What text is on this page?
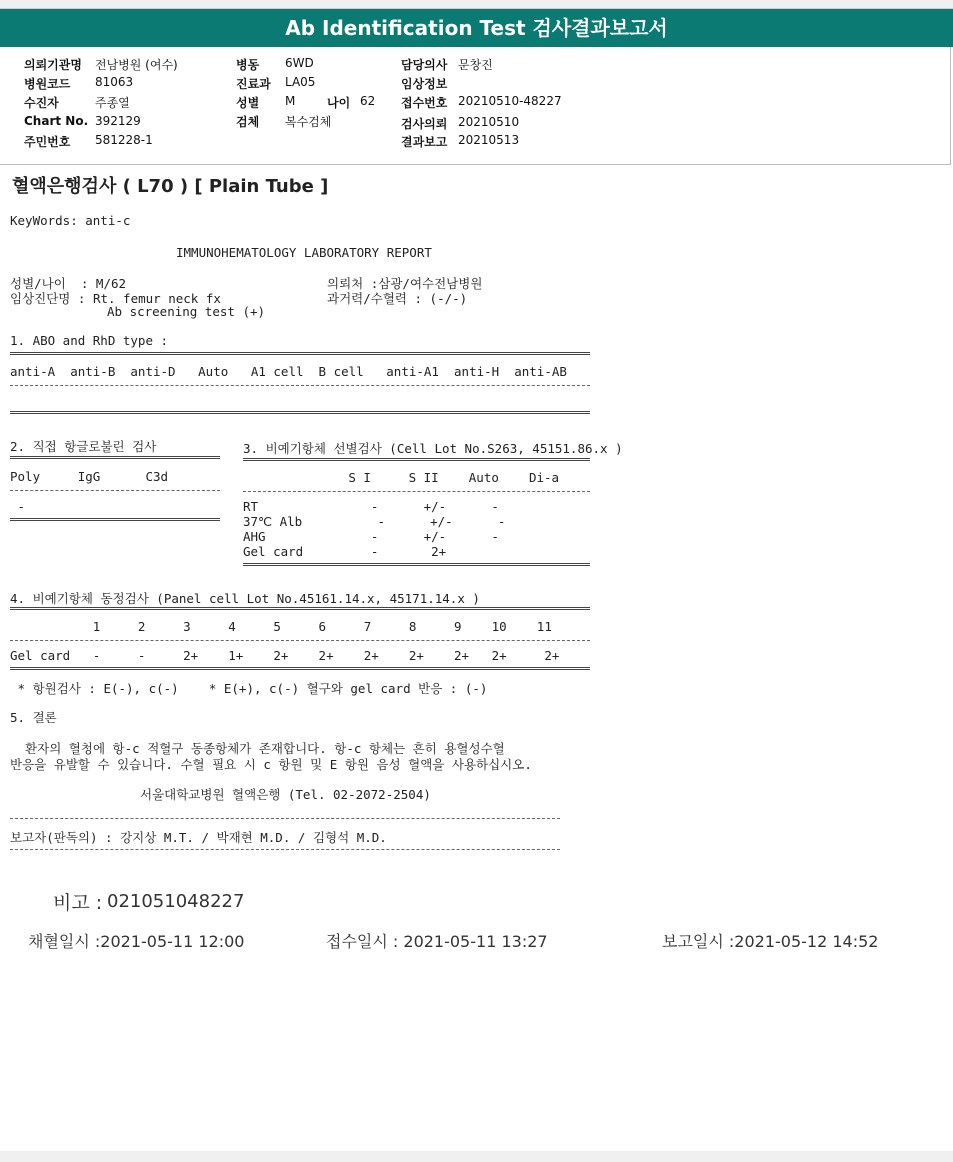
Ab Identification Test 검사결과보고서
의뢰기관명 전남병원 (여수)
병원코드 81063
수진자	주종열
Chart No. 392129
주민번호 581228-1
병동 6WD
진료과 LA05
성별 M	나이 62
검체 복수검체
담당의사 문창진
임상정보
접수번호 20210510-48227
검사의뢰 20210510
결과보고 20210513
혈액은행검사 ( L70 ) [ Plain Tube ]
KeyWords: anti-c
IMMUNOHEMATOLOGY LABORATORY REPORT
성별/나이  : M/62
임상진단명 : Rt. femur neck fx
Ab screening test (+)
의뢰처 :삼광/여수전남병원
과거력/수혈력 : (-/-)
1. ABO and RhD type :
anti-A  anti-B  anti-D   Auto   A1 cell  B cell   anti-A1  anti-H  anti-AB
2. 직접 항글로불린 검사
Poly     IgG      C3d
-
3. 비예기항체 선별검사 (Cell Lot No.S263, 45151.86.x )
S I     S II    Auto    Di-a
RT               -      +/-      -
37℃ Alb          -      +/-      -
AHG              -      +/-      -
Gel card         -       2+
4. 비예기항체 동정검사 (Panel cell Lot No.45161.14.x, 45171.14.x )
1     2     3     4     5     6     7     8     9    10    11
Gel card   -     -     2+    1+    2+    2+    2+    2+    2+   2+     2+
* 항원검사 : E(-), c(-)    * E(+), c(-) 혈구와 gel card 반응 : (-)
5. 결론
환자의 혈청에 항-c 적혈구 동종항체가 존재합니다. 항-c 항체는 흔히 용혈성수혈
반응을 유발할 수 있습니다. 수혈 필요 시 c 항원 및 E 항원 음성 혈액을 사용하십시오.
서울대학교병원 혈액은행 (Tel. 02-2072-2504)
보고자(판독의) : 강지상 M.T. / 박재현 M.D. / 김형석 M.D.
비고 : 021051048227
채혈일시 :2021-05-11 12:00	접수일시 : 2021-05-11 13:27	보고일시 :2021-05-12 14:52
